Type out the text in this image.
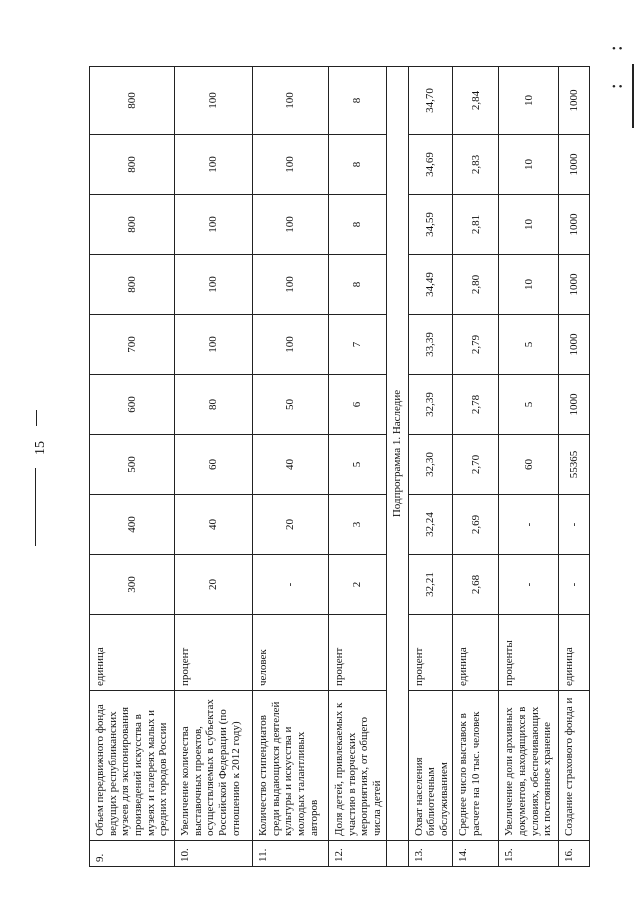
• •
• •
15
9.	Объем передвижного фонда ведущих республиканских музеев для экспонирования произведений искусства в музеях и галереях малых и средних городов России	единица	300	400	500	600	700	800	800	800	800
10.	Увеличение количества выставочных проектов, осуществляемых в субъектах Российской Федерации (по отношению к 2012 году)	процент	20	40	60	80	100	100	100	100	100
11.	Количество стипендиатов среди выдающихся деятелей культуры и искусства и молодых талантливых авторов	человек	-	20	40	50	100	100	100	100	100
12.	Доля детей, привлекаемых к участию в творческих мероприятиях, от общего числа детей	процент	2	3	5	6	7	8	8	8	8
	Подпрограмма 1. Наследие										
13.	Охват населения библиотечным обслуживанием	процент	32,21	32,24	32,30	32,39	33,39	34,49	34,59	34,69	34,70
14.	Среднее число выставок в расчете на 10 тыс. человек	единица	2,68	2,69	2,70	2,78	2,79	2,80	2,81	2,83	2,84
15.	Увеличение доли архивных документов, находящихся в условиях, обеспечивающих их постоянное хранение	проценты	-	-	60	5	5	10	10	10	10
16.	Создание страхового фонда и	единица	-	-	55365	1000	1000	1000	1000	1000	1000
